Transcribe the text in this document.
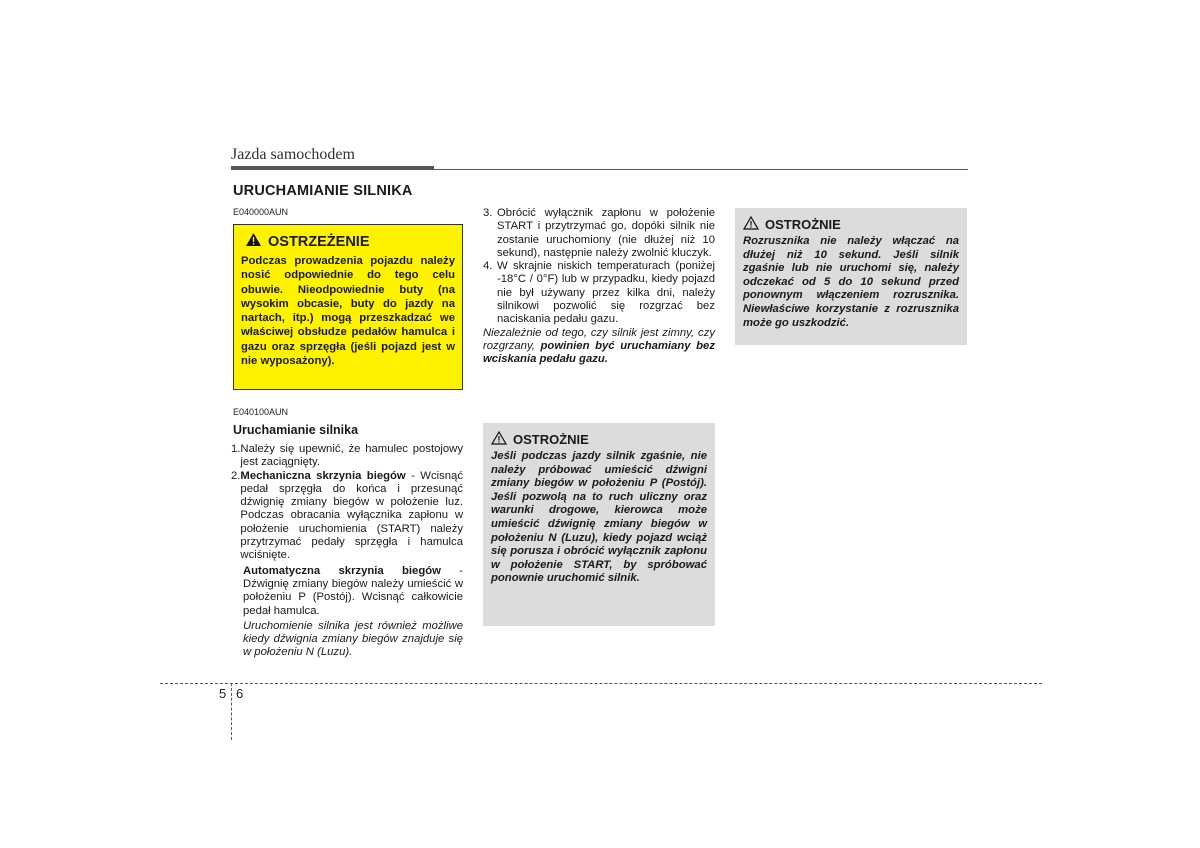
Jazda samochodem
URUCHAMIANIE SILNIKA
E040000AUN
OSTRZEŻENIE
Podczas prowadzenia pojazdu należy nosić odpowiednie do tego celu obuwie. Nieodpowiednie buty (na wysokim obcasie, buty do jazdy na nartach, itp.) mogą przeszkadzać we właściwej obsłudze pedałów hamulca i gazu oraz sprzęgła (jeśli pojazd jest w nie wyposażony).
E040100AUN
Uruchamianie silnika
1. Należy się upewnić, że hamulec postojowy jest zaciągnięty.
2. Mechaniczna skrzynia biegów - Wcisnąć pedał sprzęgła do końca i przesunąć dźwignię zmiany biegów w położenie luz. Podczas obracania wyłącznika zapłonu w położenie uruchomienia (START) należy przytrzymać pedały sprzęgła i hamulca wciśnięte.
Automatyczna skrzynia biegów - Dźwignię zmiany biegów należy umieścić w położeniu P (Postój). Wcisnąć całkowicie pedał hamulca.
Uruchomienie silnika jest również możliwe kiedy dźwignia zmiany biegów znajduje się w położeniu N (Luzu).
3. Obrócić wyłącznik zapłonu w położenie START i przytrzymać go, dopóki silnik nie zostanie uruchomiony (nie dłużej niż 10 sekund), następnie należy zwolnić kluczyk.
4. W skrajnie niskich temperaturach (poniżej -18°C / 0°F) lub w przypadku, kiedy pojazd nie był używany przez kilka dni, należy silnikowi pozwolić się rozgrzać bez naciskania pedału gazu.
Niezależnie od tego, czy silnik jest zimny, czy rozgrzany, powinien być uruchamiany bez wciskania pedału gazu.
OSTROŻNIE
Jeśli podczas jazdy silnik zgaśnie, nie należy próbować umieścić dźwigni zmiany biegów w położeniu P (Postój). Jeśli pozwolą na to ruch uliczny oraz warunki drogowe, kierowca może umieścić dźwignię zmiany biegów w położeniu N (Luzu), kiedy pojazd wciąż się porusza i obrócić wyłącznik zapłonu w położenie START, by spróbować ponownie uruchomić silnik.
OSTROŻNIE
Rozrusznika nie należy włączać na dłużej niż 10 sekund. Jeśli silnik zgaśnie lub nie uruchomi się, należy odczekać od 5 do 10 sekund przed ponownym włączeniem rozrusznika. Niewłaściwe korzystanie z rozrusznika może go uszkodzić.
5 6
